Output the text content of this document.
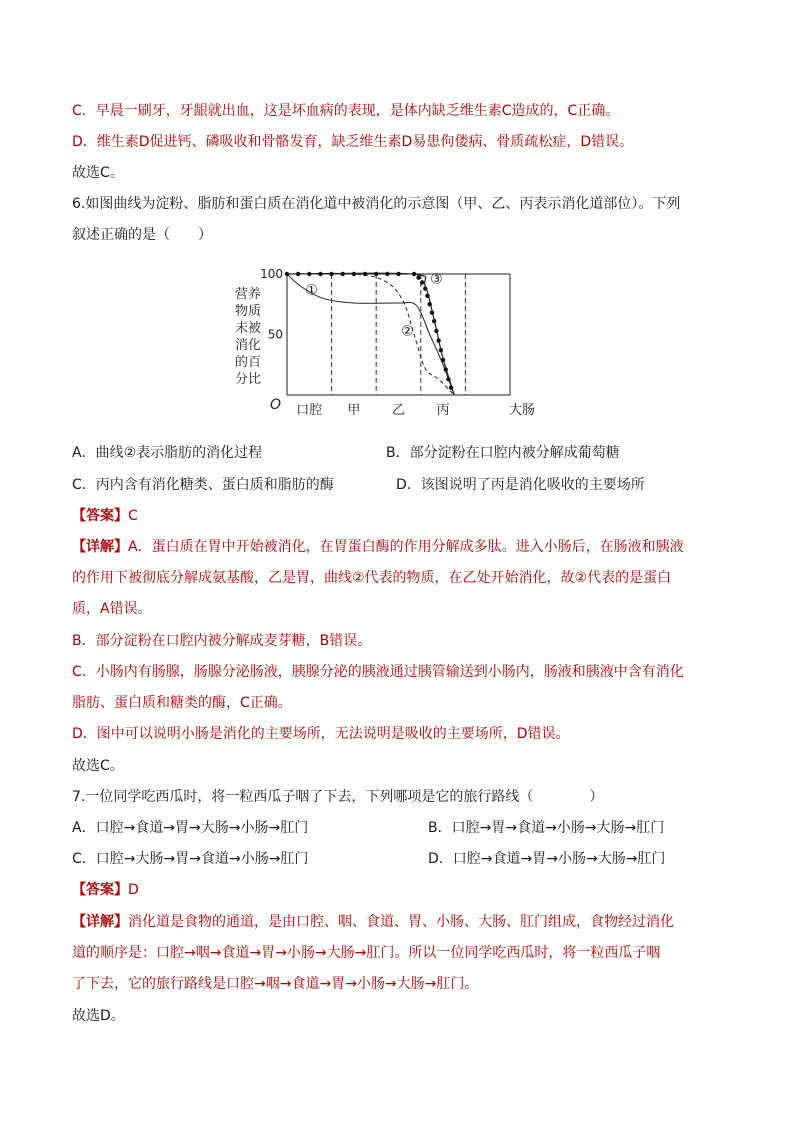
C．早晨一刷牙，牙龈就出血，这是坏血病的表现，是体内缺乏维生素C造成的，C正确。
D．维生素D促进钙、磷吸收和骨骼发育，缺乏维生素D易患佝偻病、骨质疏松症，D错误。
故选C。
6.如图曲线为淀粉、脂肪和蛋白质在消化道中被消化的示意图（甲、乙、丙表示消化道部位）。下列
叙述正确的是（　　）
100
50
营养
物质
未被
消化
的百
分比
O 口腔 甲 乙 丙	大肠
①
②
③
A．曲线②表示脂肪的消化过程	B．部分淀粉在口腔内被分解成葡萄糖
C．丙内含有消化糖类、蛋白质和脂肪的酶	D．该图说明了丙是消化吸收的主要场所
【答案】C
【详解】A．蛋白质在胃中开始被消化，在胃蛋白酶的作用分解成多肽。进入小肠后，在肠液和胰液
的作用下被彻底分解成氨基酸，乙是胃，曲线②代表的物质，在乙处开始消化，故②代表的是蛋白
质，A错误。
B．部分淀粉在口腔内被分解成麦芽糖，B错误。
C．小肠内有肠腺，肠腺分泌肠液，胰腺分泌的胰液通过胰管输送到小肠内，肠液和胰液中含有消化
脂肪、蛋白质和糖类的酶，C正确。
D．图中可以说明小肠是消化的主要场所，无法说明是吸收的主要场所，D错误。
故选C。
7.一位同学吃西瓜时，将一粒西瓜子咽了下去，下列哪项是它的旅行路线（　　　　）
A．口腔→食道→胃→大肠→小肠→肛门	B．口腔→胃→食道→小肠→大肠→肛门
C．口腔→大肠→胃→食道→小肠→肛门	D．口腔→食道→胃→小肠→大肠→肛门
【答案】D
【详解】消化道是食物的通道，是由口腔、咽、食道、胃、小肠、大肠、肛门组成，食物经过消化
道的顺序是：口腔→咽→食道→胃→小肠→大肠→肛门。所以一位同学吃西瓜时，将一粒西瓜子咽
了下去，它的旅行路线是口腔→咽→食道→胃→小肠→大肠→肛门。
故选D。
